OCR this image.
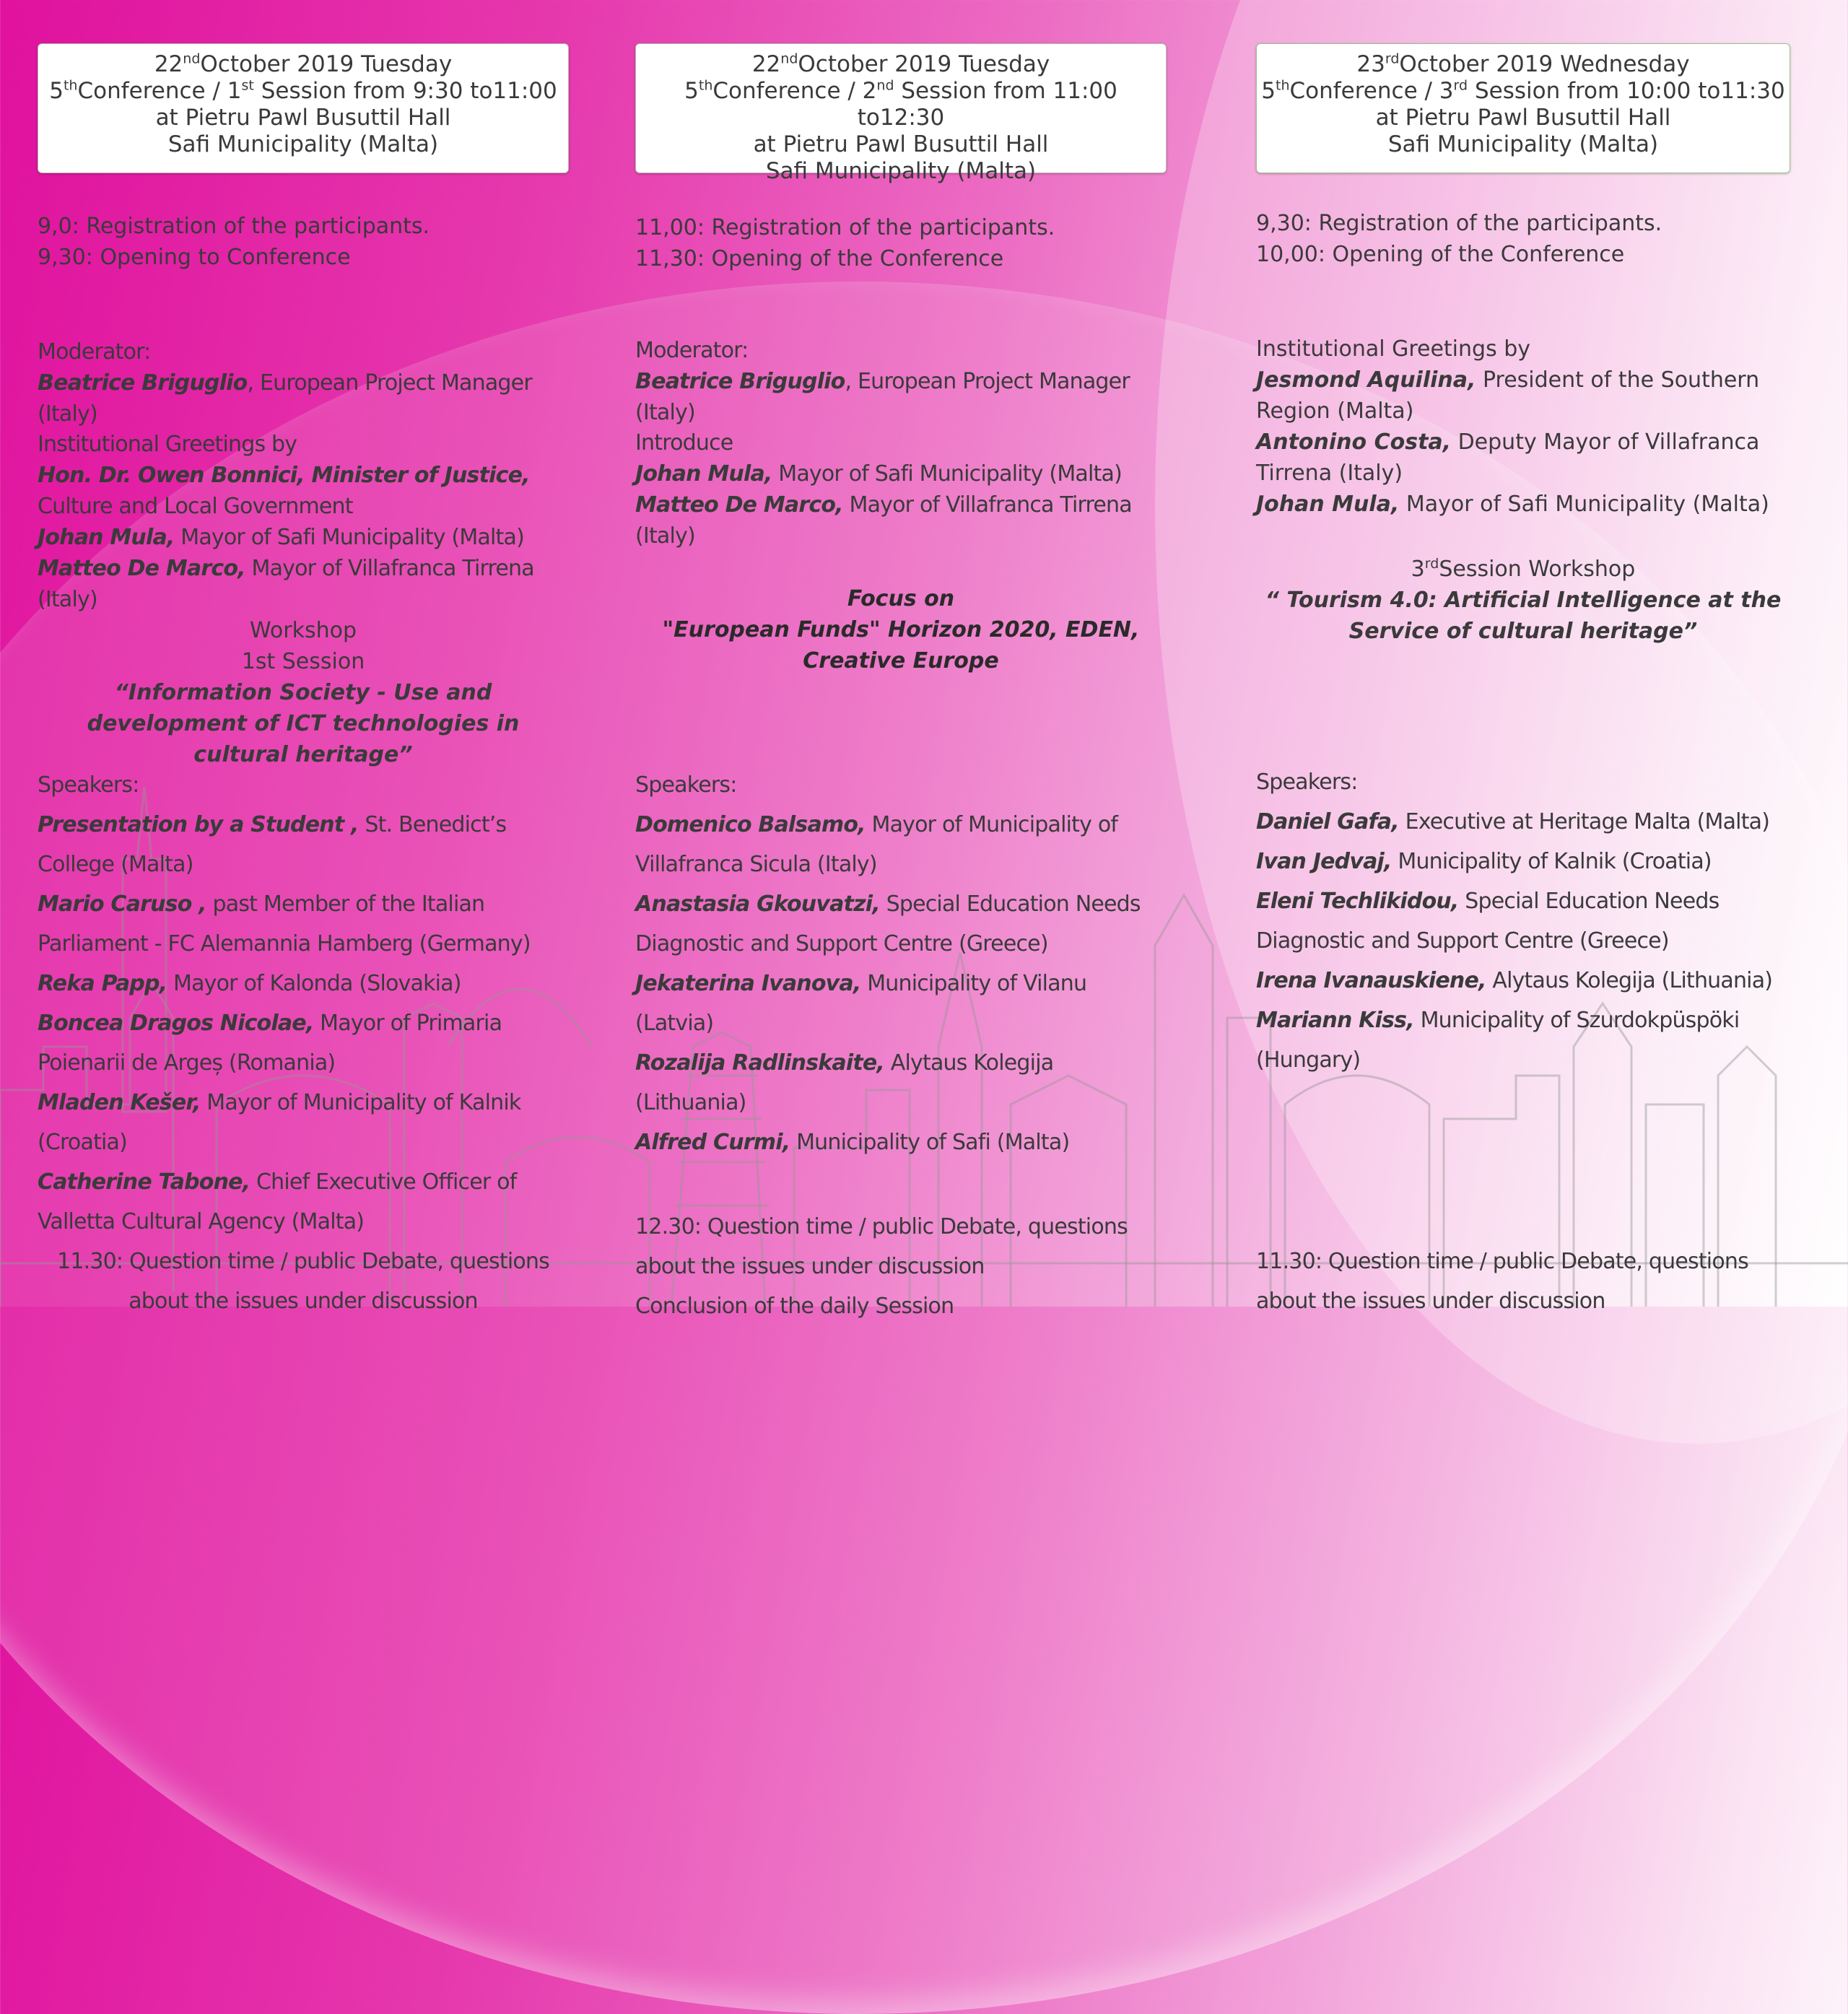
22ndOctober 2019 Tuesday
5thConference / 1st Session from 9:30 to11:00
at Pietru Pawl Busuttil Hall
Safi Municipality (Malta)

9,0: Registration of the participants.

9,30: Opening to Conference

Moderator:

Beatrice Briguglio, European Project Manager (Italy)

Institutional Greetings by

Hon. Dr. Owen Bonnici, Minister of Justice, Culture and Local Government

Johan Mula, Mayor of Safi Municipality (Malta)

Matteo De Marco, Mayor of Villafranca Tirrena (Italy)

Workshop

1st Session

“Information Society - Use and development of ICT technologies in cultural heritage”

Speakers:

Presentation by a Student , St. Benedict’s College (Malta)

Mario Caruso , past Member of the Italian Parliament - FC Alemannia Hamberg (Germany)

Reka Papp, Mayor of Kalonda (Slovakia)

Boncea Dragos Nicolae, Mayor of Primaria Poienarii de Argeș (Romania)

Mladen Kešer, Mayor of Municipality of Kalnik (Croatia)

Catherine Tabone, Chief Executive Officer of Valletta Cultural Agency (Malta)

11.30: Question time / public Debate, questions about the issues under discussion

22ndOctober 2019 Tuesday
5thConference / 2nd Session from 11:00 to12:30
at Pietru Pawl Busuttil Hall
Safi Municipality (Malta)

11,00: Registration of the participants.

11,30: Opening of the Conference

Moderator:

Beatrice Briguglio, European Project Manager (Italy)

Introduce

Johan Mula, Mayor of Safi Municipality (Malta)

Matteo De Marco, Mayor of Villafranca Tirrena (Italy)

Focus on

"European Funds" Horizon 2020, EDEN,

Creative Europe

Speakers:

Domenico Balsamo, Mayor of Municipality of Villafranca Sicula (Italy)

Anastasia Gkouvatzi, Special Education Needs Diagnostic and Support Centre (Greece)

Jekaterina Ivanova, Municipality of Vilanu (Latvia)

Rozalija Radlinskaite, Alytaus Kolegija (Lithuania)

Alfred Curmi, Municipality of Safi (Malta)

12.30: Question time / public Debate, questions about the issues under discussion

Conclusion of the daily Session

23rdOctober 2019 Wednesday
5thConference / 3rd Session from 10:00 to11:30
at Pietru Pawl Busuttil Hall
Safi Municipality (Malta)

9,30: Registration of the participants.

10,00: Opening of the Conference

Institutional Greetings by

Jesmond Aquilina, President of the Southern Region (Malta)

Antonino Costa, Deputy Mayor of Villafranca Tirrena (Italy)

Johan Mula, Mayor of Safi Municipality (Malta)

3rdSession Workshop

“ Tourism 4.0: Artificial Intelligence at the Service of cultural heritage”

Speakers:

Daniel Gafa, Executive at Heritage Malta (Malta)

Ivan Jedvaj, Municipality of Kalnik (Croatia)

Eleni Techlikidou, Special Education Needs Diagnostic and Support Centre (Greece)

Irena Ivanauskiene, Alytaus Kolegija (Lithuania)

Mariann Kiss, Municipality of Szurdokpüspöki (Hungary)

11.30: Question time / public Debate, questions about the issues under discussion
